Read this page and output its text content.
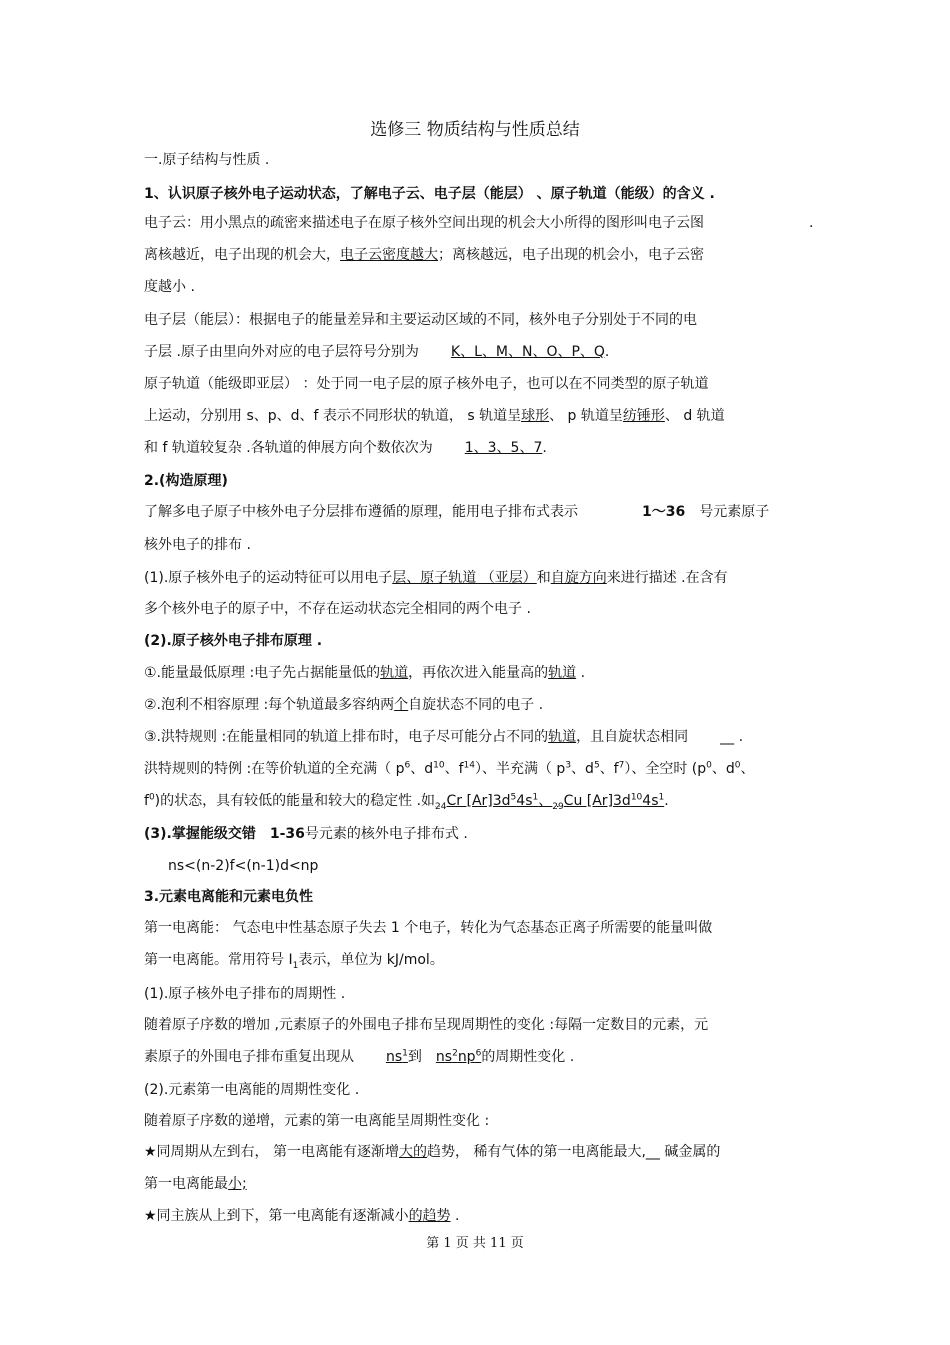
选修三 物质结构与性质总结
一.原子结构与性质 .
1、认识原子核外电子运动状态，了解电子云、电子层（能层） 、原子轨道（能级）的含义 .
电子云：用小黑点的疏密来描述电子在原子核外空间出现的机会大小所得的图形叫电子云图	.
离核越近，电子出现的机会大，电子云密度越大；离核越远，电子出现的机会小，电子云密
度越小 .
电子层（能层）：根据电子的能量差异和主要运动区域的不同，核外电子分别处于不同的电
子层 .原子由里向外对应的电子层符号分别为 K、L、M、N、O、P、Q.
原子轨道（能级即亚层） ：处于同一电子层的原子核外电子，也可以在不同类型的原子轨道
上运动，分别用 s、p、d、f 表示不同形状的轨道， s 轨道呈球形、 p 轨道呈纺锤形、 d 轨道
和 f 轨道较复杂 .各轨道的伸展方向个数依次为 1、3、5、7.
2.(构造原理)
了解多电子原子中核外电子分层排布遵循的原理，能用电子排布式表示	1～36 号元素原子
核外电子的排布 .
(1).原子核外电子的运动特征可以用电子层、原子轨道 （亚层）和自旋方向来进行描述 .在含有
多个核外电子的原子中，不存在运动状态完全相同的两个电子 .
(2).原子核外电子排布原理 .
①.能量最低原理 :电子先占据能量低的轨道，再依次进入能量高的轨道 .
②.泡利不相容原理 :每个轨道最多容纳两个自旋状态不同的电子 .
③.洪特规则 :在能量相同的轨道上排布时，电子尽可能分占不同的轨道，且自旋状态相同 __ .
洪特规则的特例 :在等价轨道的全充满（ $p^6$、$d^{10}$、$f^{14}$）、半充满（ $p^3$、$d^5$、$f^7$）、全空时 ($p^0$、$d^0$、
$f^0$)的状态，具有较低的能量和较大的稳定性 .如$_{24}$Cr $[Ar]3d^54s^1$、$_{29}$Cu $[Ar]3d^{10}4s^1$.
(3).掌握能级交错 1-36号元素的核外电子排布式 .
ns<(n-2)f<(n-1)d<np
3.元素电离能和元素电负性
第一电离能： 气态电中性基态原子失去 1 个电子，转化为气态基态正离子所需要的能量叫做
第一电离能。常用符号 $I_1$表示，单位为 kJ/mol。
(1).原子核外电子排布的周期性 .
随着原子序数的增加 ,元素原子的外围电子排布呈现周期性的变化 :每隔一定数目的元素，元
素原子的外围电子排布重复出现从 $ns^1$到 $ns^2np^6$的周期性变化 .
(2).元素第一电离能的周期性变化 .
随着原子序数的递增，元素的第一电离能呈周期性变化 :
★同周期从左到右， 第一电离能有逐渐增大的趋势， 稀有气体的第一电离能最大,__ 碱金属的
第一电离能最小;
★同主族从上到下，第一电离能有逐渐减小的趋势 .
第 1 页 共 11 页
